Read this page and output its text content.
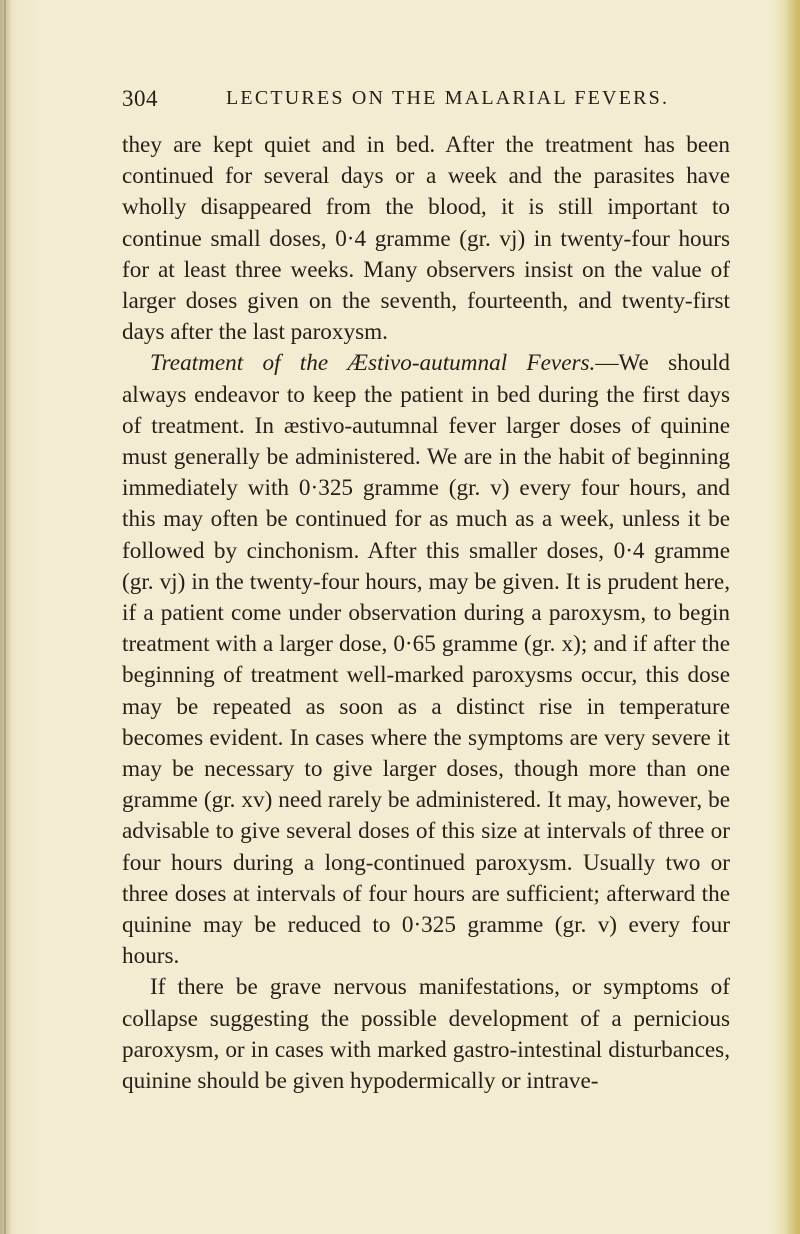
304	LECTURES ON THE MALARIAL FEVERS.

they are kept quiet and in bed. After the treatment has been continued for several days or a week and the parasites have wholly disappeared from the blood, it is still important to continue small doses, 0·4 gramme (gr. vj) in twenty-four hours for at least three weeks. Many observers insist on the value of larger doses given on the seventh, fourteenth, and twenty-first days after the last paroxysm.

Treatment of the Æstivo-autumnal Fevers.—We should always endeavor to keep the patient in bed during the first days of treatment. In æstivo-autumnal fever larger doses of quinine must generally be administered. We are in the habit of beginning immediately with 0·325 gramme (gr. v) every four hours, and this may often be continued for as much as a week, unless it be followed by cinchonism. After this smaller doses, 0·4 gramme (gr. vj) in the twenty-four hours, may be given. It is prudent here, if a patient come under observation during a paroxysm, to begin treatment with a larger dose, 0·65 gramme (gr. x); and if after the beginning of treatment well-marked paroxysms occur, this dose may be repeated as soon as a distinct rise in temperature becomes evident. In cases where the symptoms are very severe it may be necessary to give larger doses, though more than one gramme (gr. xv) need rarely be administered. It may, however, be advisable to give several doses of this size at intervals of three or four hours during a long-continued paroxysm. Usually two or three doses at intervals of four hours are sufficient; afterward the quinine may be reduced to 0·325 gramme (gr. v) every four hours.

If there be grave nervous manifestations, or symptoms of collapse suggesting the possible development of a pernicious paroxysm, or in cases with marked gastro-intestinal disturbances, quinine should be given hypodermically or intrave-
